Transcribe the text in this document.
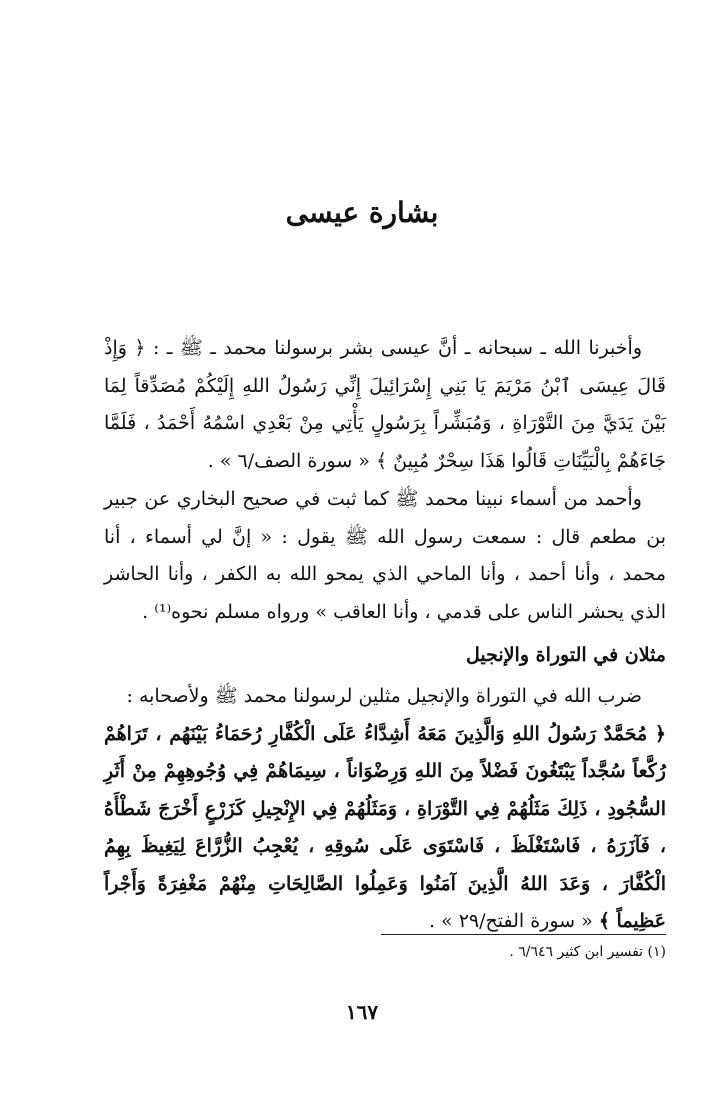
بشارة عيسى
وأخبرنا الله ـ سبحانه ـ أنَّ عيسى بشر برسولنا محمد ـ ﷺ ـ : ﴿ وَإِذْ قَالَ عِيسَى ٱبْنُ مَرْيَمَ يَا بَنِي إِسْرَائِيلَ إِنِّي رَسُولُ اللهِ إِلَيْكُمْ مُصَدِّقاً لِمَا بَيْنَ يَدَيَّ مِنَ التَّوْرَاةِ ، وَمُبَشِّراً بِرَسُولٍ يَأْتِي مِنْ بَعْدِي اسْمُهُ أَحْمَدُ ، فَلَمَّا جَاءَهُمْ بِالْبَيِّنَاتِ قَالُوا هَذَا سِحْرٌ مُبِينٌ ﴾ « سورة الصف/٦ » .
وأحمد من أسماء نبينا محمد ﷺ كما ثبت في صحيح البخاري عن جبير بن مطعم قال : سمعت رسول الله ﷺ يقول : « إنَّ لي أسماء ، أنا محمد ، وأنا أحمد ، وأنا الماحي الذي يمحو الله به الكفر ، وأنا الحاشر الذي يحشر الناس على قدمي ، وأنا العاقب » ورواه مسلم نحوه⁽¹⁾ .
مثلان في التوراة والإنجيل
ضرب الله في التوراة والإنجيل مثلين لرسولنا محمد ﷺ ولأصحابه :
﴿ مُحَمَّدٌ رَسُولُ اللهِ وَالَّذِينَ مَعَهُ أَشِدَّاءُ عَلَى الْكُفَّارِ رُحَمَاءُ بَيْنَهُم ، تَرَاهُمْ رُكَّعاً سُجَّداً يَبْتَغُونَ فَضْلاً مِنَ اللهِ وَرِضْوَاناً ، سِيمَاهُمْ فِي وُجُوهِهِمْ مِنْ أَثَرِ السُّجُودِ ، ذَلِكَ مَثَلُهُمْ فِي التَّوْرَاةِ ، وَمَثَلُهُمْ فِي الإِنْجِيلِ كَزَرْعٍ أَخْرَجَ شَطْأَهُ ، فَآزَرَهُ ، فَاسْتَغْلَظَ ، فَاسْتَوَى عَلَى سُوقِهِ ، يُعْجِبُ الزُّرَّاعَ لِيَغِيظَ بِهِمُ الْكُفَّارَ ، وَعَدَ اللهُ الَّذِينَ آمَنُوا وَعَمِلُوا الصَّالِحَاتِ مِنْهُمْ مَغْفِرَةً وَأَجْراً عَظِيماً ﴾ « سورة الفتح/٢٩ » .
(١) تفسير ابن كثير ٦/٦٤٦ .
١٦٧
